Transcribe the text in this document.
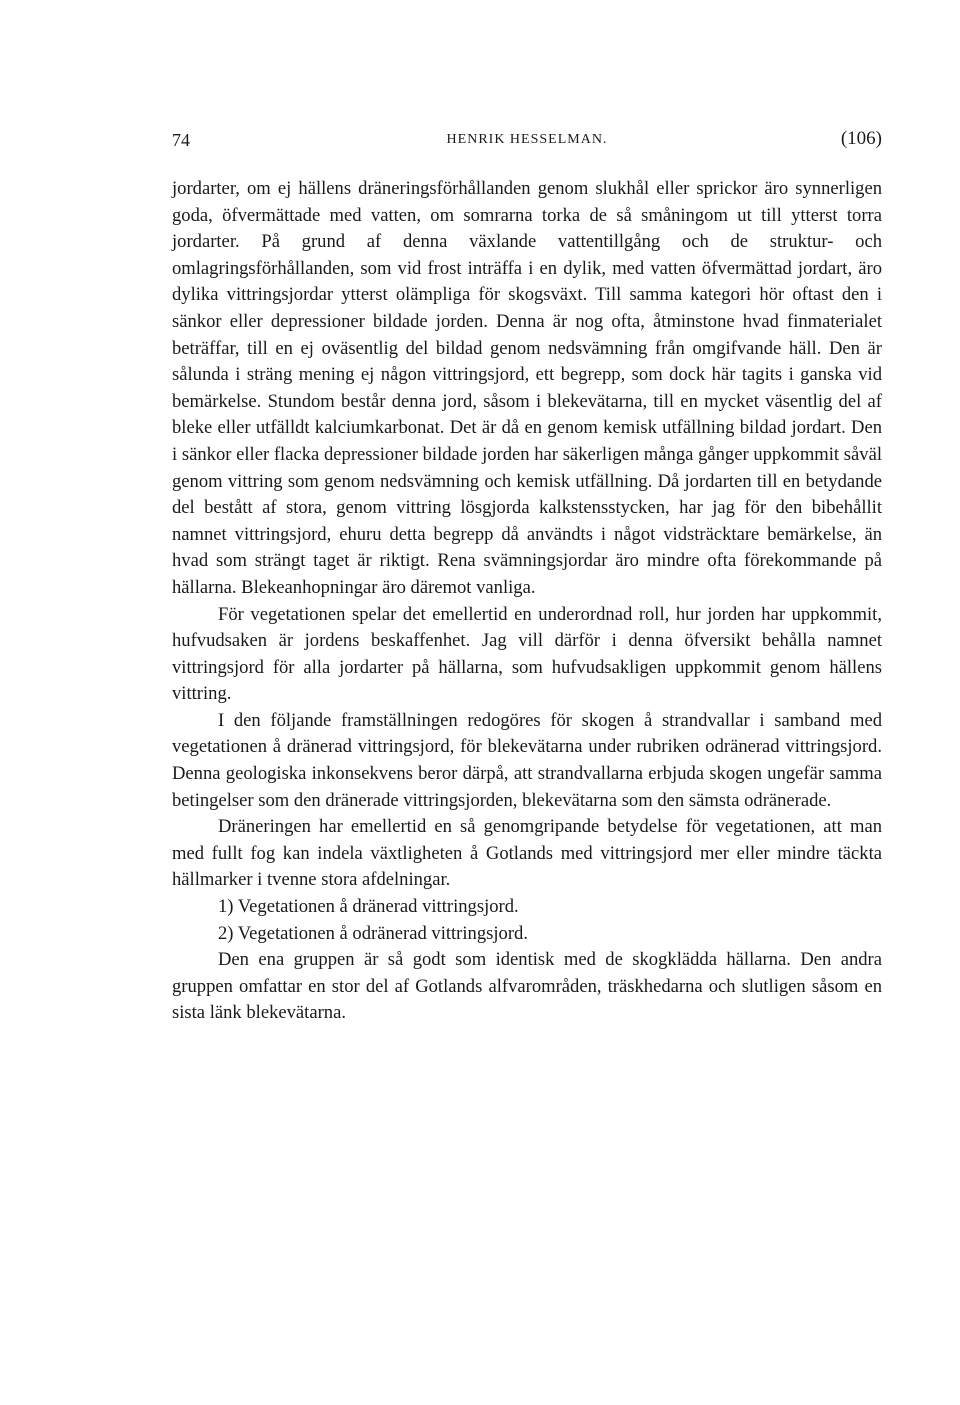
74	HENRIK HESSELMAN.	(106)

jordarter, om ej hällens dräneringsförhållanden genom slukhål eller sprickor äro synnerligen goda, öfvermättade med vatten, om somrarna torka de så småningom ut till ytterst torra jordarter. På grund af denna växlande vattentillgång och de struktur- och omlagringsförhållanden, som vid frost inträffa i en dylik, med vatten öfvermättad jordart, äro dylika vittringsjordar ytterst olämpliga för skogsväxt. Till samma kategori hör oftast den i sänkor eller depressioner bildade jorden. Denna är nog ofta, åtminstone hvad finmaterialet beträffar, till en ej oväsentlig del bildad genom nedsvämning från omgifvande häll. Den är sålunda i sträng mening ej någon vittringsjord, ett begrepp, som dock här tagits i ganska vid bemärkelse. Stundom består denna jord, såsom i blekevätarna, till en mycket väsentlig del af bleke eller utfälldt kalciumkarbonat. Det är då en genom kemisk utfällning bildad jordart. Den i sänkor eller flacka depressioner bildade jorden har säkerligen många gånger uppkommit såväl genom vittring som genom nedsvämning och kemisk utfällning. Då jordarten till en betydande del bestått af stora, genom vittring lösgjorda kalkstensstycken, har jag för den bibehållit namnet vittringsjord, ehuru detta begrepp då användts i något vidsträcktare bemärkelse, än hvad som strängt taget är riktigt. Rena svämningsjordar äro mindre ofta förekommande på hällarna. Blekeanhopningar äro däremot vanliga.

För vegetationen spelar det emellertid en underordnad roll, hur jorden har uppkommit, hufvudsaken är jordens beskaffenhet. Jag vill därför i denna öfversikt behålla namnet vittringsjord för alla jordarter på hällarna, som hufvudsakligen uppkommit genom hällens vittring.

I den följande framställningen redogöres för skogen å strandvallar i samband med vegetationen å dränerad vittringsjord, för blekevätarna under rubriken odränerad vittringsjord. Denna geologiska inkonsekvens beror därpå, att strandvallarna erbjuda skogen ungefär samma betingelser som den dränerade vittringsjorden, blekevätarna som den sämsta odränerade.

Dräneringen har emellertid en så genomgripande betydelse för vegetationen, att man med fullt fog kan indela växtligheten å Gotlands med vittringsjord mer eller mindre täckta hällmarker i tvenne stora afdelningar.

1) Vegetationen å dränerad vittringsjord.

2) Vegetationen å odränerad vittringsjord.

Den ena gruppen är så godt som identisk med de skogklädda hällarna. Den andra gruppen omfattar en stor del af Gotlands alfvarområden, träskhedarna och slutligen såsom en sista länk blekevätarna.
